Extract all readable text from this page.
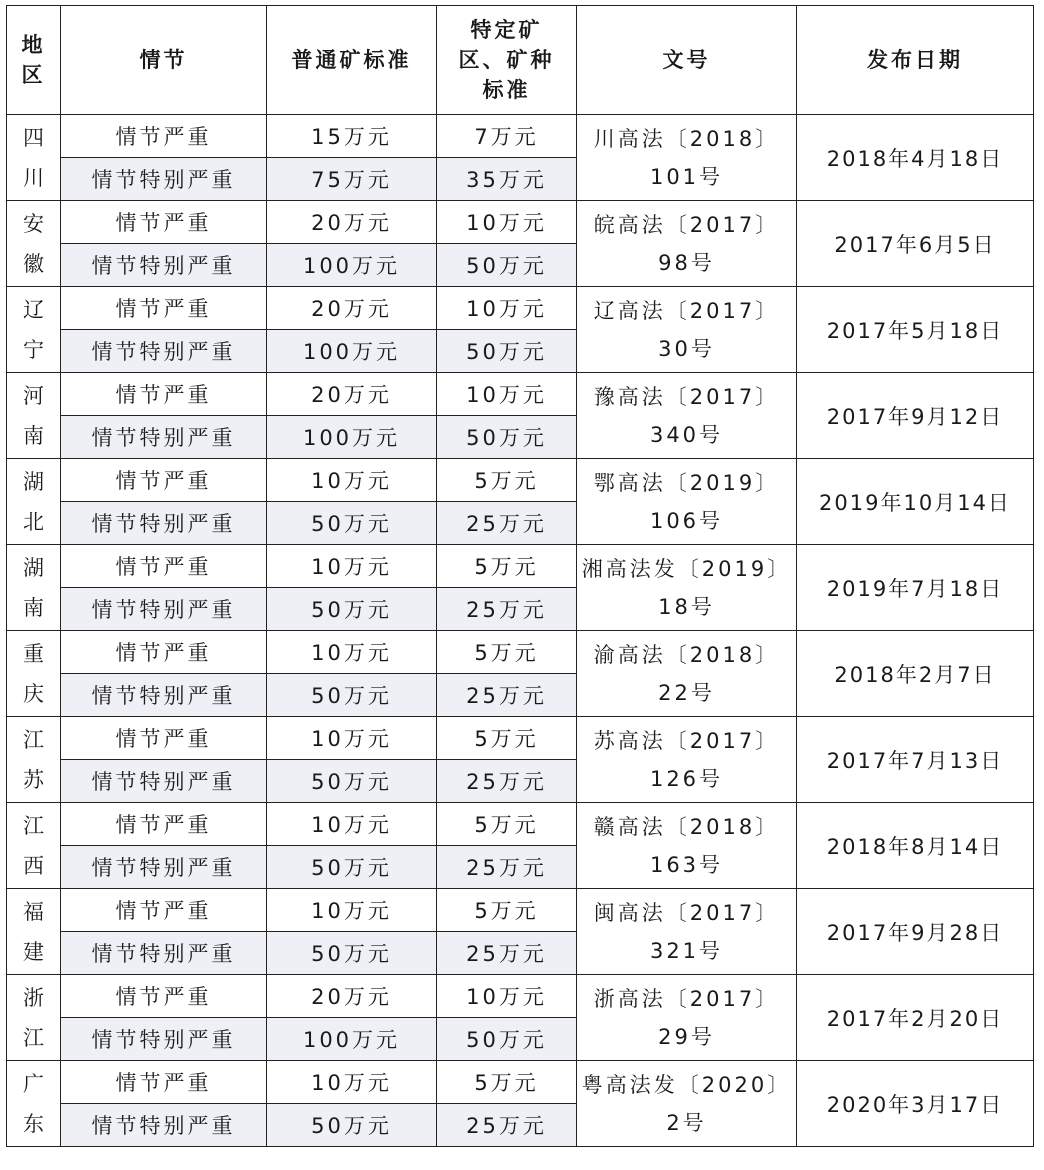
地
区	情节	普通矿标准	特定矿
区、矿种
标准	文号	发布日期

四
川	情节严重	15万元	7万元	川高法〔2018〕
101号	2018年4月18日
	情节特别严重	75万元	35万元		

安
徽	情节严重	20万元	10万元	皖高法〔2017〕
98号	2017年6月5日
	情节特别严重	100万元	50万元		

辽
宁	情节严重	20万元	10万元	辽高法〔2017〕
30号	2017年5月18日
	情节特别严重	100万元	50万元		

河
南	情节严重	20万元	10万元	豫高法〔2017〕
340号	2017年9月12日
	情节特别严重	100万元	50万元		

湖
北	情节严重	10万元	5万元	鄂高法〔2019〕
106号	2019年10月14日
	情节特别严重	50万元	25万元		

湖
南	情节严重	10万元	5万元	湘高法发〔2019〕
18号	2019年7月18日
	情节特别严重	50万元	25万元		

重
庆	情节严重	10万元	5万元	渝高法〔2018〕
22号	2018年2月7日
	情节特别严重	50万元	25万元		

江
苏	情节严重	10万元	5万元	苏高法〔2017〕
126号	2017年7月13日
	情节特别严重	50万元	25万元		

江
西	情节严重	10万元	5万元	赣高法〔2018〕
163号	2018年8月14日
	情节特别严重	50万元	25万元		

福
建	情节严重	10万元	5万元	闽高法〔2017〕
321号	2017年9月28日
	情节特别严重	50万元	25万元		

浙
江	情节严重	20万元	10万元	浙高法〔2017〕
29号	2017年2月20日
	情节特别严重	100万元	50万元		

广
东	情节严重	10万元	5万元	粤高法发〔2020〕
2号	2020年3月17日
	情节特别严重	50万元	25万元		
